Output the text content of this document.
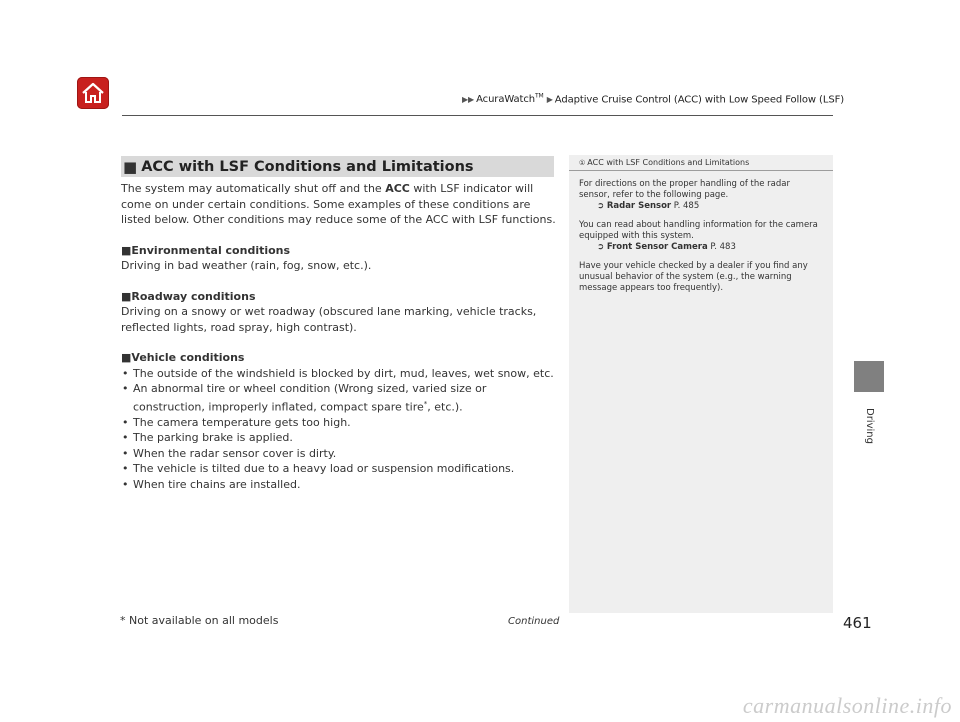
▶▶ AcuraWatch™ ▶ Adaptive Cruise Control (ACC) with Low Speed Follow (LSF)
■ ACC with LSF Conditions and Limitations

The system may automatically shut off and the ACC with LSF indicator will come on under certain conditions. Some examples of these conditions are listed below. Other conditions may reduce some of the ACC with LSF functions.

■Environmental conditions

Driving in bad weather (rain, fog, snow, etc.).

■Roadway conditions

Driving on a snowy or wet roadway (obscured lane marking, vehicle tracks, reflected lights, road spray, high contrast).

■Vehicle conditions

• The outside of the windshield is blocked by dirt, mud, leaves, wet snow, etc.
• An abnormal tire or wheel condition (Wrong sized, varied size or construction, improperly inflated, compact spare tire*, etc.).
• The camera temperature gets too high.
• The parking brake is applied.
• When the radar sensor cover is dirty.
• The vehicle is tilted due to a heavy load or suspension modifications.
• When tire chains are installed.
① ACC with LSF Conditions and Limitations

For directions on the proper handling of the radar sensor, refer to the following page.
➲ Radar Sensor P. 485

You can read about handling information for the camera equipped with this system.
➲ Front Sensor Camera P. 483

Have your vehicle checked by a dealer if you find any unusual behavior of the system (e.g., the warning message appears too frequently).

Driving
* Not available on all models	Continued	461
carmanualsonline.info
